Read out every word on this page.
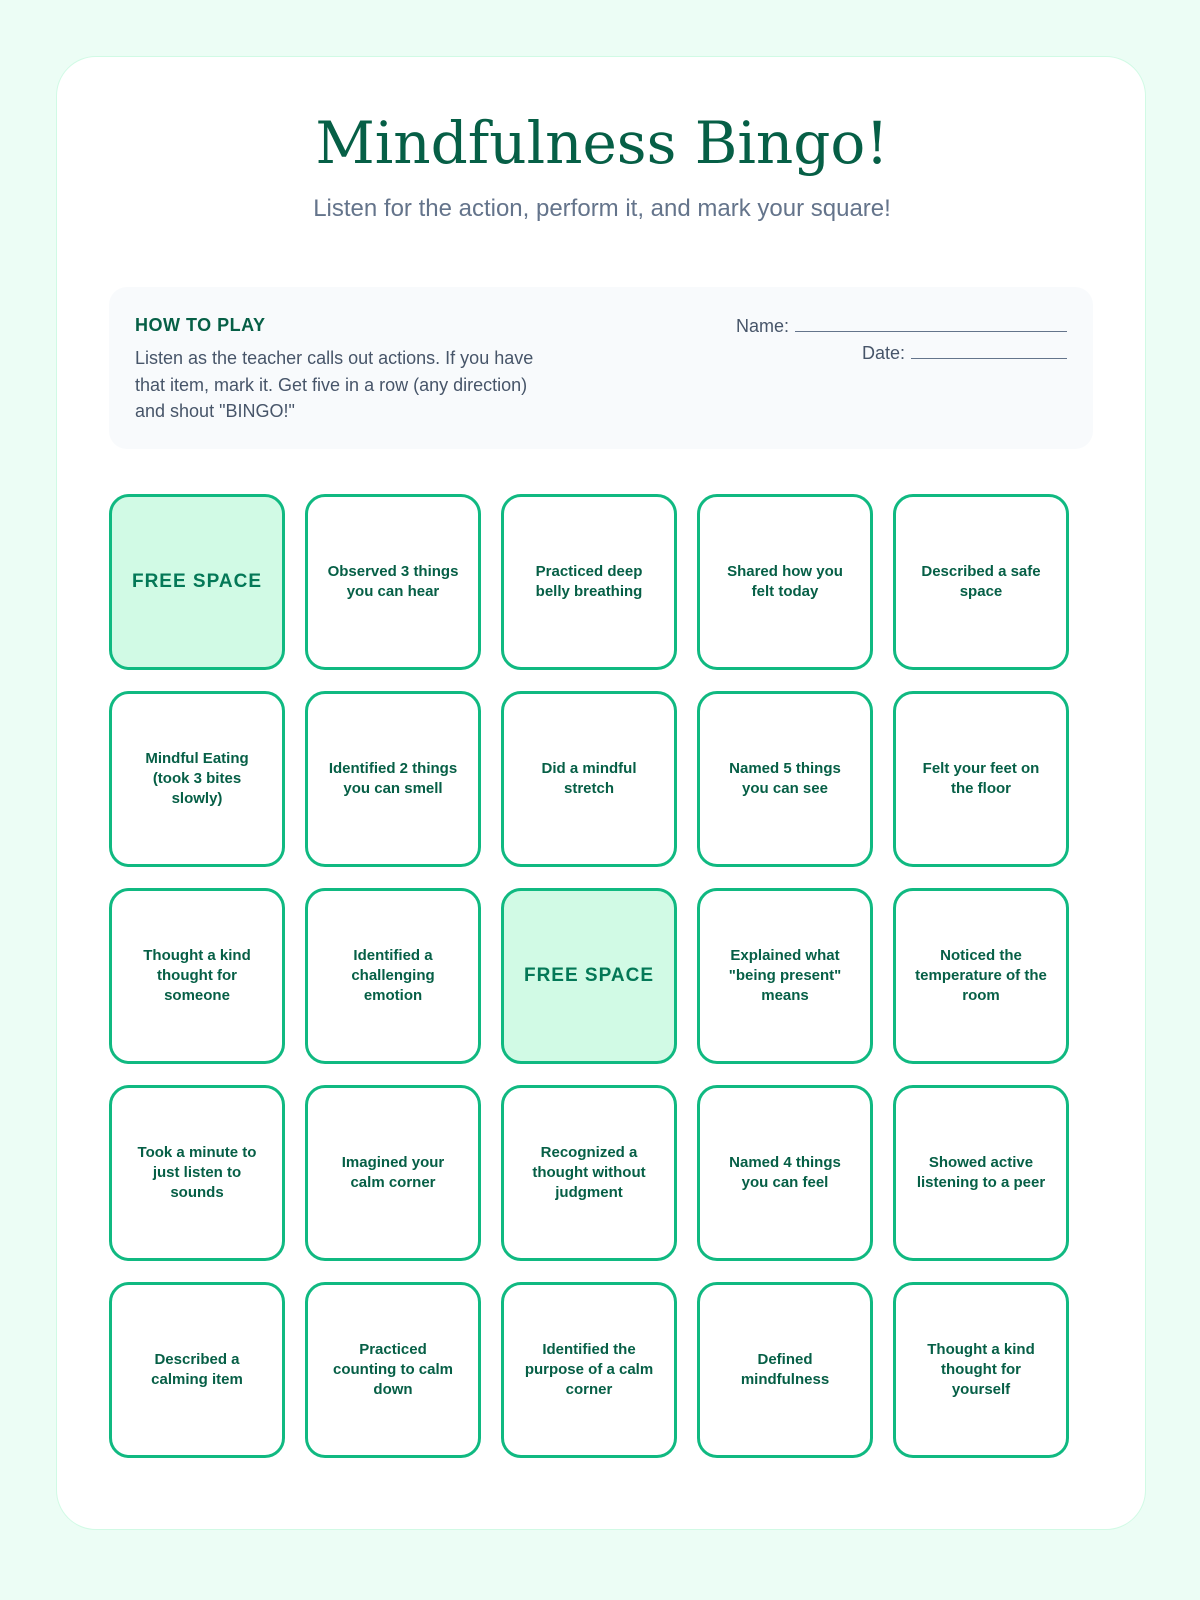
Mindfulness Bingo!
Listen for the action, perform it, and mark your square!
HOW TO PLAY
Listen as the teacher calls out actions. If you have that item, mark it. Get five in a row (any direction) and shout "BINGO!"
Name:
Date:
FREE SPACE	Observed 3 things you can hear
Practiced deep belly breathing
Shared how you felt today
Described a safe space
Mindful Eating (took 3 bites slowly)
Identified 2 things you can smell
Did a mindful stretch
Named 5 things you can see
Felt your feet on the floor
Thought a kind thought for someone
Identified a challenging emotion
FREE SPACE
Explained what "being present" means
Noticed the temperature of the room
Took a minute to just listen to sounds
Imagined your calm corner
Recognized a thought without judgment
Named 4 things you can feel
Showed active listening to a peer
Described a calming item
Practiced counting to calm down
Identified the purpose of a calm corner
Defined mindfulness
Thought a kind thought for yourself
